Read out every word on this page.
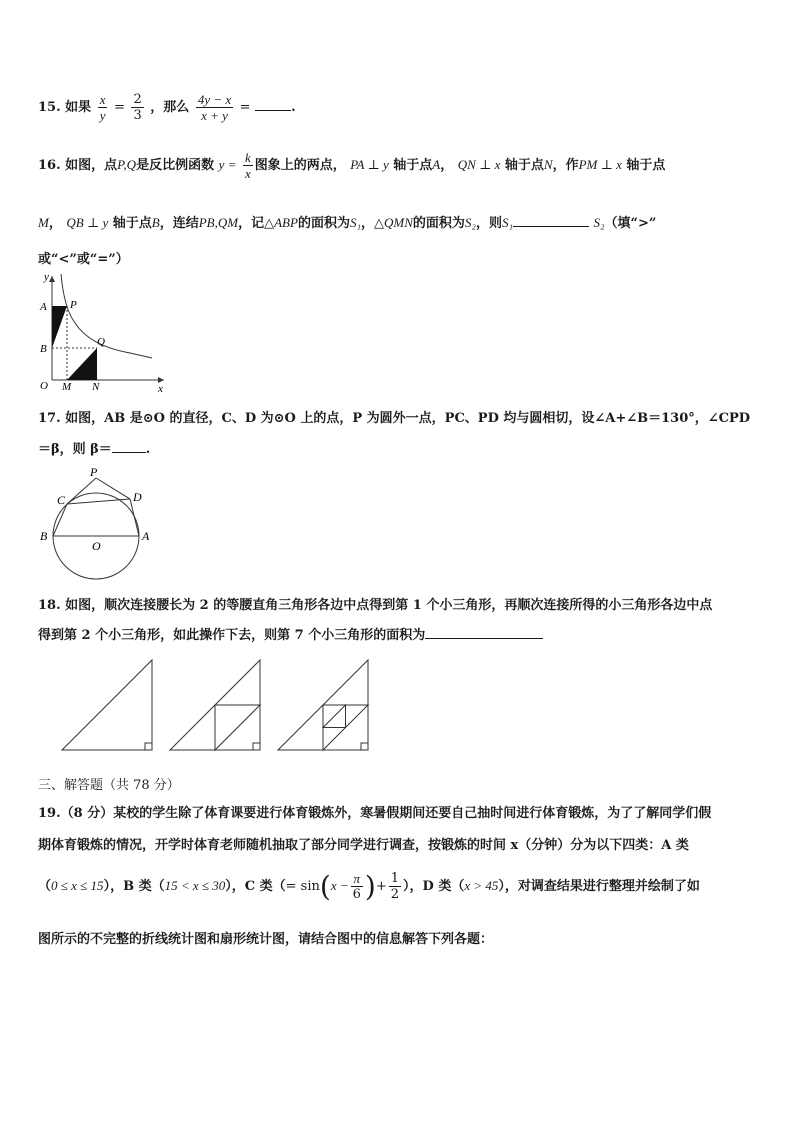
15. 如果 $\frac{x}{y} = \frac{2}{3}$ ，那么 $\frac{4y - x}{x + y}$ =	.
16. 如图，点P,Q是反比例函数 $y = \frac{k}{x}$ 图象上的两点， PA ⊥ y 轴于点A， QN ⊥ x 轴于点N，作PM ⊥ x 轴于点
M， QB ⊥ y 轴于点B，连结PB,QM，记△ABP的面积为S₁，△QMN的面积为S₂，则S₁	S₂（填“>”
或“<”或“=”）
y
x
A P
B
Q
O M N
17. 如图，AB 是⊙O 的直径，C、D 为⊙O 上的点，P 为圆外一点，PC、PD 均与圆相切，设∠A+∠B＝130°，∠CPD
＝β，则 β＝	.
P
C	D
B
O
A
18. 如图，顺次连接腰长为 2 的等腰直角三角形各边中点得到第 1 个小三角形，再顺次连接所得的小三角形各边中点
得到第 2 个小三角形，如此操作下去，则第 7 个小三角形的面积为
三、解答题（共 78 分）
19.（8 分）某校的学生除了体育课要进行体育锻炼外，寒暑假期间还要自己抽时间进行体育锻炼，为了了解同学们假
期体育锻炼的情况，开学时体育老师随机抽取了部分同学进行调查，按锻炼的时间 x（分钟）分为以下四类：A 类
（0 ≤ x ≤ 15），B 类（15 < x ≤ 30），C 类（= $\sin(x - \frac{\pi}{6}$ )+ $\frac{1}{2}$ ），D 类（x > 45），对调查结果进行整理并绘制了如
图所示的不完整的折线统计图和扇形统计图，请结合图中的信息解答下列各题：
